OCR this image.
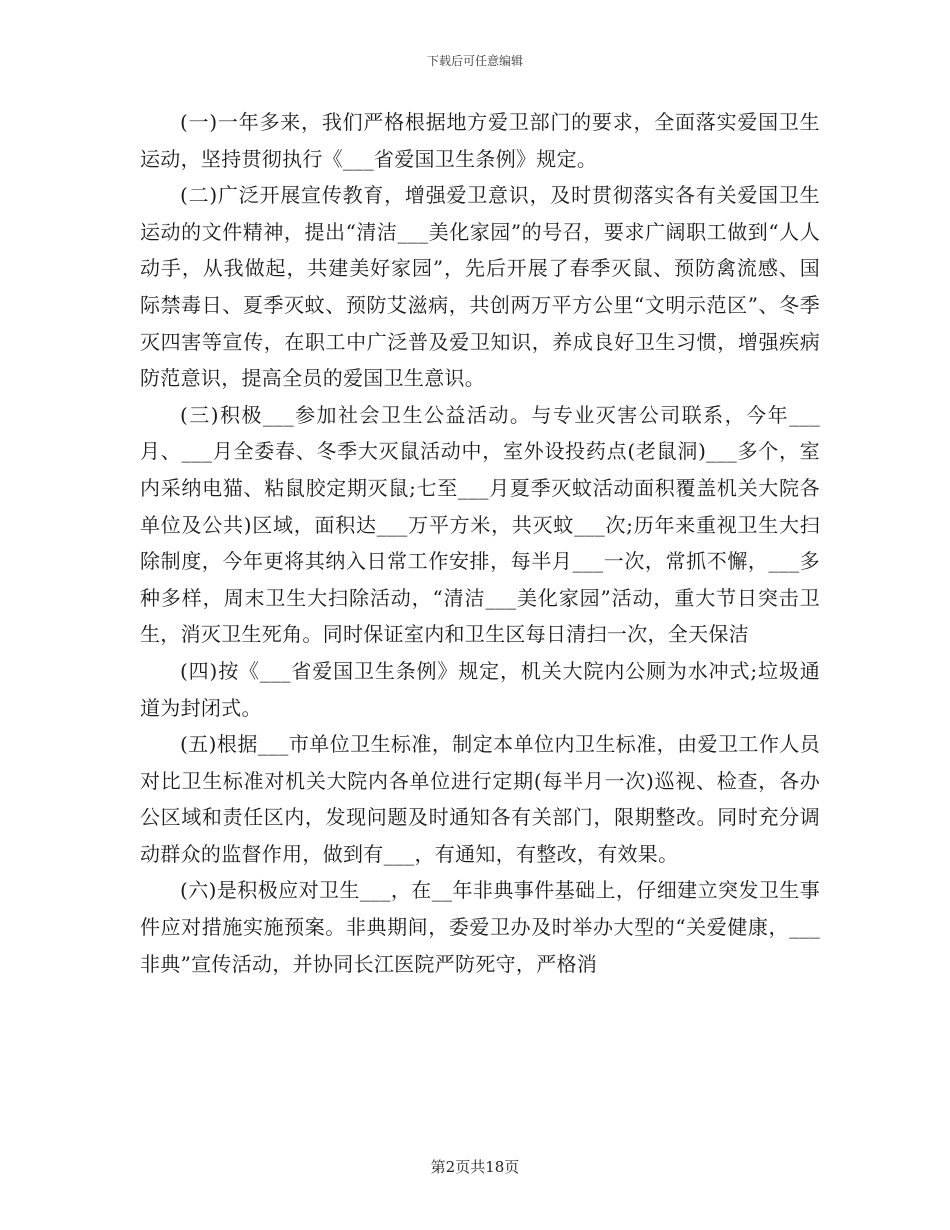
下载后可任意编辑

(一)一年多来，我们严格根据地方爱卫部门的要求，全面落实爱国卫生运动，坚持贯彻执行《___省爱国卫生条例》规定。

(二)广泛开展宣传教育，增强爱卫意识，及时贯彻落实各有关爱国卫生运动的文件精神，提出“清洁___美化家园”的号召，要求广阔职工做到“人人动手，从我做起，共建美好家园”，先后开展了春季灭鼠、预防禽流感、国际禁毒日、夏季灭蚊、预防艾滋病，共创两万平方公里“文明示范区”、冬季灭四害等宣传，在职工中广泛普及爱卫知识，养成良好卫生习惯，增强疾病防范意识，提高全员的爱国卫生意识。

(三)积极___参加社会卫生公益活动。与专业灭害公司联系，今年___月、___月全委春、冬季大灭鼠活动中，室外设投药点(老鼠洞)___多个，室内采纳电猫、粘鼠胶定期灭鼠;七至___月夏季灭蚊活动面积覆盖机关大院各单位及公共)区域，面积达___万平方米，共灭蚊___次;历年来重视卫生大扫除制度，今年更将其纳入日常工作安排，每半月___一次，常抓不懈，___多种多样，周末卫生大扫除活动，“清洁___美化家园”活动，重大节日突击卫生，消灭卫生死角。同时保证室内和卫生区每日清扫一次，全天保洁

(四)按《___省爱国卫生条例》规定，机关大院内公厕为水冲式;垃圾通道为封闭式。

(五)根据___市单位卫生标准，制定本单位内卫生标准，由爱卫工作人员对比卫生标准对机关大院内各单位进行定期(每半月一次)巡视、检查，各办公区域和责任区内，发现问题及时通知各有关部门，限期整改。同时充分调动群众的监督作用，做到有___，有通知，有整改，有效果。

(六)是积极应对卫生___，在__年非典事件基础上，仔细建立突发卫生事件应对措施实施预案。非典期间，委爱卫办及时举办大型的“关爱健康，___非典”宣传活动，并协同长江医院严防死守，严格消

第2页共18页
